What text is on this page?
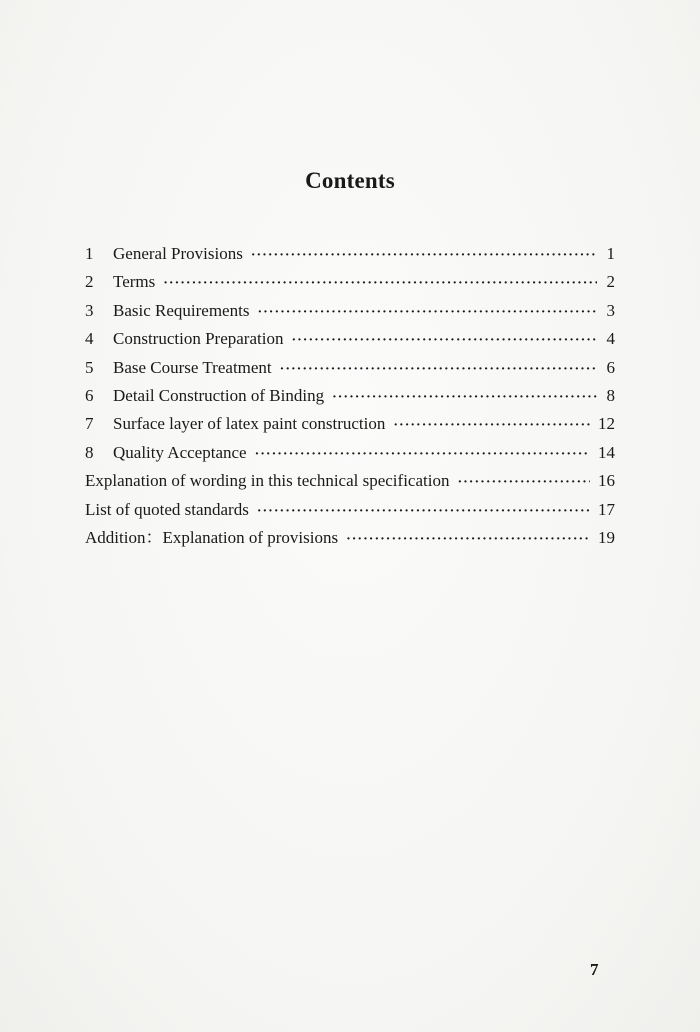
Contents
1	General Provisions ·····	1
2	Terms ·····	2
3	Basic Requirements ·····	3
4	Construction Preparation ·····	4
5	Base Course Treatment ·····	6
6	Detail Construction of Binding ·····	8
7	Surface layer of latex paint construction ·····	12
8	Quality Acceptance ·····	14
Explanation of wording in this technical specification ·····	16
List of quoted standards ·····	17
Addition：Explanation of provisions ·····	19
7
